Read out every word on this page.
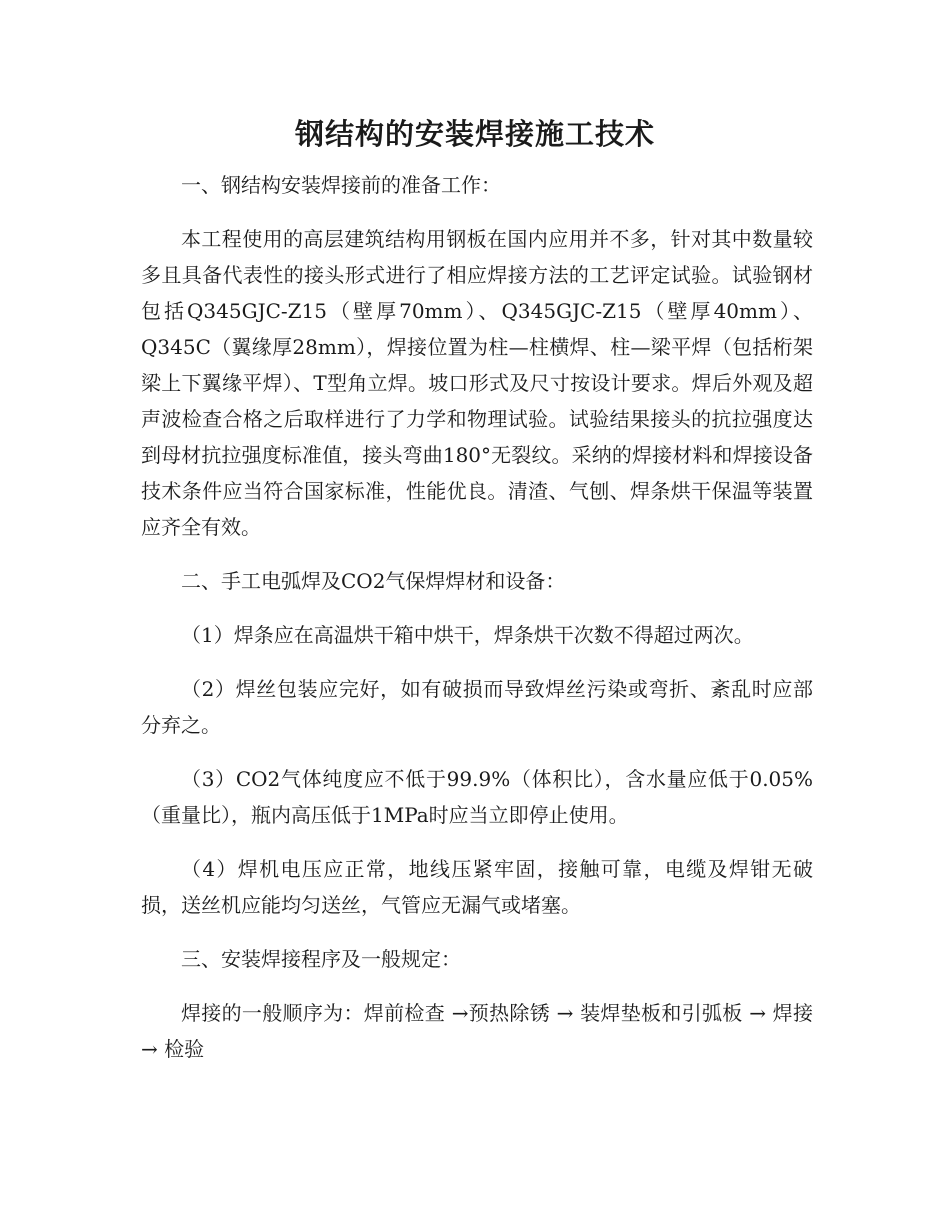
钢结构的安装焊接施工技术

一、钢结构安装焊接前的准备工作：

本工程使用的高层建筑结构用钢板在国内应用并不多，针对其中数量较多且具备代表性的接头形式进行了相应焊接方法的工艺评定试验。试验钢材包括Q345GJC-Z15（壁厚70mm）、Q345GJC-Z15（壁厚40mm）、Q345C（翼缘厚28mm），焊接位置为柱—柱横焊、柱—梁平焊（包括桁架梁上下翼缘平焊）、T型角立焊。坡口形式及尺寸按设计要求。焊后外观及超声波检查合格之后取样进行了力学和物理试验。试验结果接头的抗拉强度达到母材抗拉强度标准值，接头弯曲180°无裂纹。采纳的焊接材料和焊接设备技术条件应当符合国家标准，性能优良。清渣、气刨、焊条烘干保温等装置应齐全有效。

二、手工电弧焊及CO2气保焊焊材和设备：

（1）焊条应在高温烘干箱中烘干，焊条烘干次数不得超过两次。

（2）焊丝包装应完好，如有破损而导致焊丝污染或弯折、紊乱时应部分弃之。

（3）CO2气体纯度应不低于99.9%（体积比），含水量应低于0.05%（重量比），瓶内高压低于1MPa时应当立即停止使用。

（4）焊机电压应正常，地线压紧牢固，接触可靠，电缆及焊钳无破损，送丝机应能均匀送丝，气管应无漏气或堵塞。

三、安装焊接程序及一般规定：

焊接的一般顺序为：焊前检查 →预热除锈 → 装焊垫板和引弧板 → 焊接 → 检验
